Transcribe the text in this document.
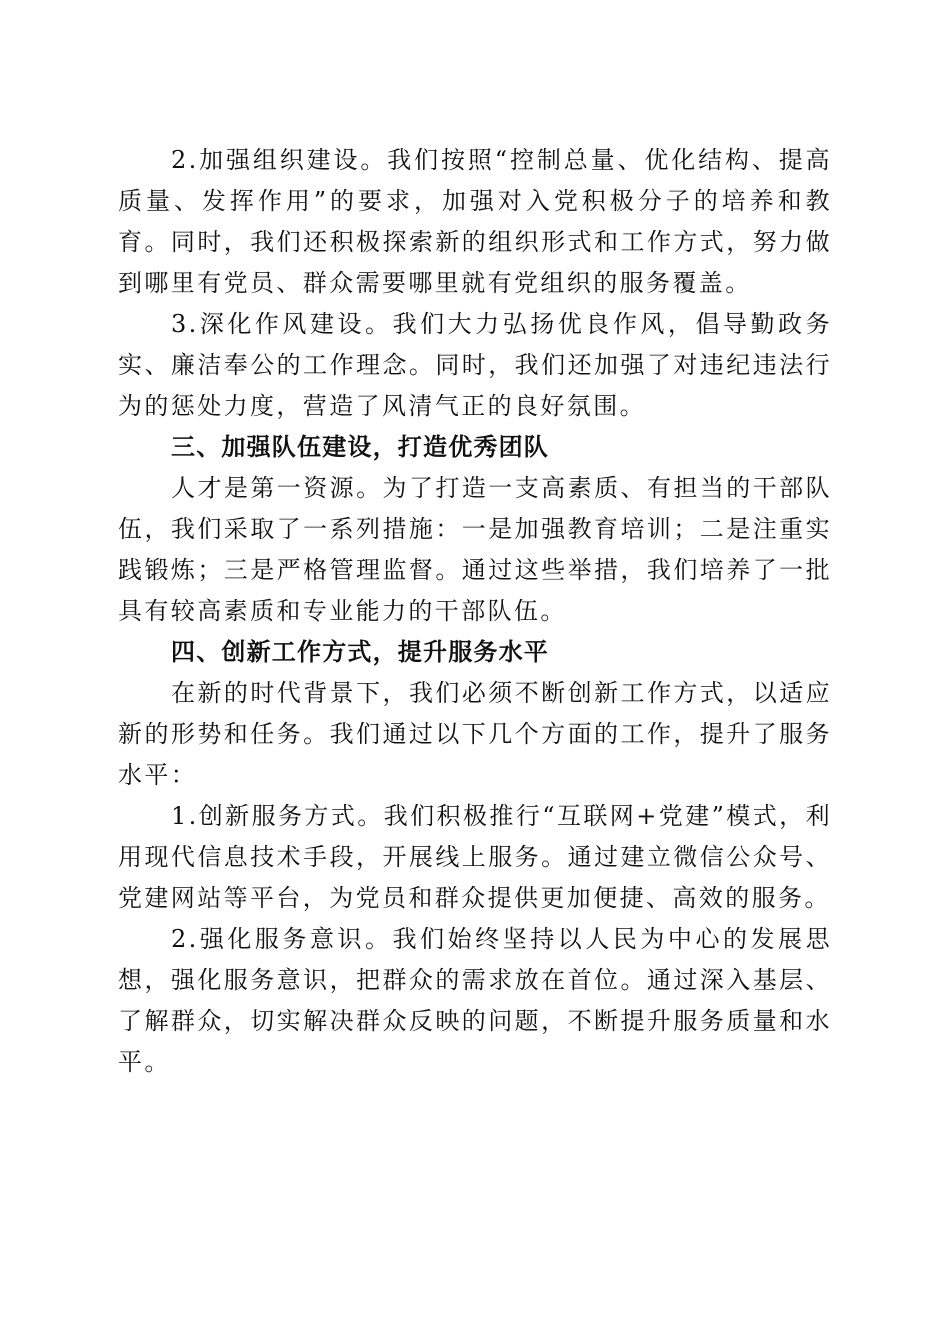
2.加强组织建设。我们按照“控制总量、优化结构、提高质量、发挥作用”的要求，加强对入党积极分子的培养和教育。同时，我们还积极探索新的组织形式和工作方式，努力做到哪里有党员、群众需要哪里就有党组织的服务覆盖。

3.深化作风建设。我们大力弘扬优良作风，倡导勤政务实、廉洁奉公的工作理念。同时，我们还加强了对违纪违法行为的惩处力度，营造了风清气正的良好氛围。

三、加强队伍建设，打造优秀团队

人才是第一资源。为了打造一支高素质、有担当的干部队伍，我们采取了一系列措施：一是加强教育培训；二是注重实践锻炼；三是严格管理监督。通过这些举措，我们培养了一批具有较高素质和专业能力的干部队伍。

四、创新工作方式，提升服务水平

在新的时代背景下，我们必须不断创新工作方式，以适应新的形势和任务。我们通过以下几个方面的工作，提升了服务水平：

1.创新服务方式。我们积极推行“互联网+党建”模式，利用现代信息技术手段，开展线上服务。通过建立微信公众号、党建网站等平台，为党员和群众提供更加便捷、高效的服务。

2.强化服务意识。我们始终坚持以人民为中心的发展思想，强化服务意识，把群众的需求放在首位。通过深入基层、了解群众，切实解决群众反映的问题，不断提升服务质量和水平。
